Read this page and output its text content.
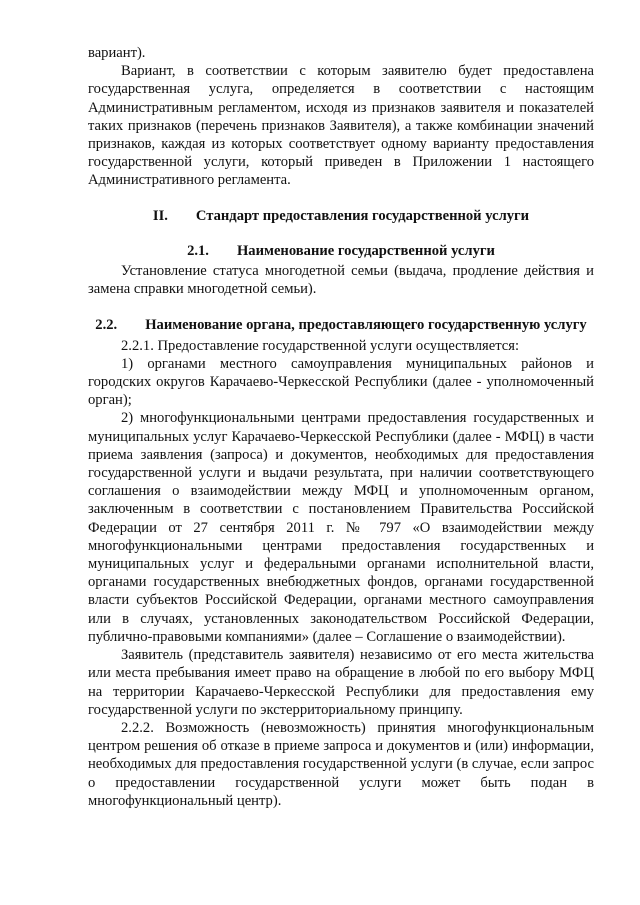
вариант).

Вариант, в соответствии с которым заявителю будет предоставлена государственная услуга, определяется в соответствии с настоящим Административным регламентом, исходя из признаков заявителя и показателей таких признаков (перечень признаков Заявителя), а также комбинации значений признаков, каждая из которых соответствует одному варианту предоставления государственной услуги, который приведен в Приложении 1 настоящего Административного регламента.

II. Стандарт предоставления государственной услуги

2.1. Наименование государственной услуги

Установление статуса многодетной семьи (выдача, продление действия и замена справки многодетной семьи).

2.2. Наименование органа, предоставляющего государственную услугу

2.2.1. Предоставление государственной услуги осуществляется:

1) органами местного самоуправления муниципальных районов и городских округов Карачаево-Черкесской Республики (далее - уполномоченный орган);

2) многофункциональными центрами предоставления государственных и муниципальных услуг Карачаево-Черкесской Республики (далее - МФЦ) в части приема заявления (запроса) и документов, необходимых для предоставления государственной услуги и выдачи результата, при наличии соответствующего соглашения о взаимодействии между МФЦ и уполномоченным органом, заключенным в соответствии с постановлением Правительства Российской Федерации от 27 сентября 2011 г. № 797 «О взаимодействии между многофункциональными центрами предоставления государственных и муниципальных услуг и федеральными органами исполнительной власти, органами государственных внебюджетных фондов, органами государственной власти субъектов Российской Федерации, органами местного самоуправления или в случаях, установленных законодательством Российской Федерации, публично-правовыми компаниями» (далее – Соглашение о взаимодействии).

Заявитель (представитель заявителя) независимо от его места жительства или места пребывания имеет право на обращение в любой по его выбору МФЦ на территории Карачаево-Черкесской Республики для предоставления ему государственной услуги по экстерриториальному принципу.

2.2.2. Возможность (невозможность) принятия многофункциональным центром решения об отказе в приеме запроса и документов и (или) информации, необходимых для предоставления государственной услуги (в случае, если запрос о предоставлении государственной услуги может быть подан в многофункциональный центр).
